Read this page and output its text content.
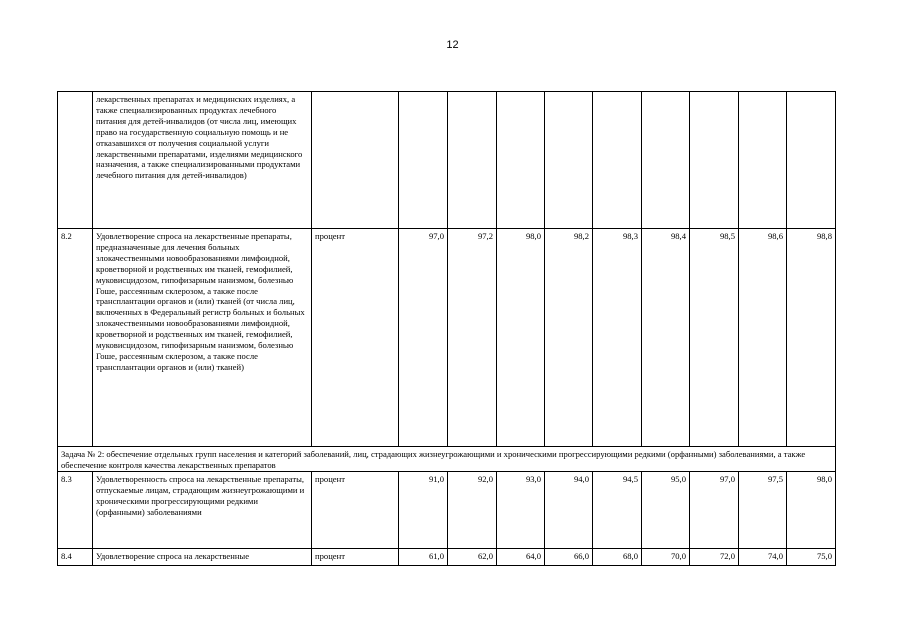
12
	лекарственных препаратах и медицинских изделиях, а также специализированных продуктах лечебного питания для детей-инвалидов (от числа лиц, имеющих право на государственную социальную помощь и не отказавшихся от получения социальной услуги лекарственными препаратами, изделиями медицинского назначения, а также специализированными продуктами лечебного питания для детей-инвалидов)										
8.2	Удовлетворение спроса на лекарственные препараты, предназначенные для лечения больных злокачественными новообразованиями лимфоидной, кроветворной и родственных им тканей, гемофилией, муковисцидозом, гипофизарным нанизмом, болезнью Гоше, рассеянным склерозом, а также после трансплантации органов и (или) тканей (от числа лиц, включенных в Федеральный регистр больных и больных злокачественными новообразованиями лимфоидной, кроветворной и родственных им тканей, гемофилией, муковисцидозом, гипофизарным нанизмом, болезнью Гоше, рассеянным склерозом, а также после трансплантации органов и (или) тканей)	процент	97,0	97,2	98,0	98,2	98,3	98,4	98,5	98,6	98,8
Задача № 2: обеспечение отдельных групп населения и категорий заболеваний, лиц, страдающих жизнеугрожающими и хроническими прогрессирующими редкими (орфанными) заболеваниями, а также обеспечение контроля качества лекарственных препаратов											
8.3	Удовлетворенность спроса на лекарственные препараты, отпускаемые лицам, страдающим жизнеугрожающими и хроническими прогрессирующими редкими (орфанными) заболеваниями	процент	91,0	92,0	93,0	94,0	94,5	95,0	97,0	97,5	98,0
8.4	Удовлетворение спроса на лекарственные	процент	61,0	62,0	64,0	66,0	68,0	70,0	72,0	74,0	75,0
